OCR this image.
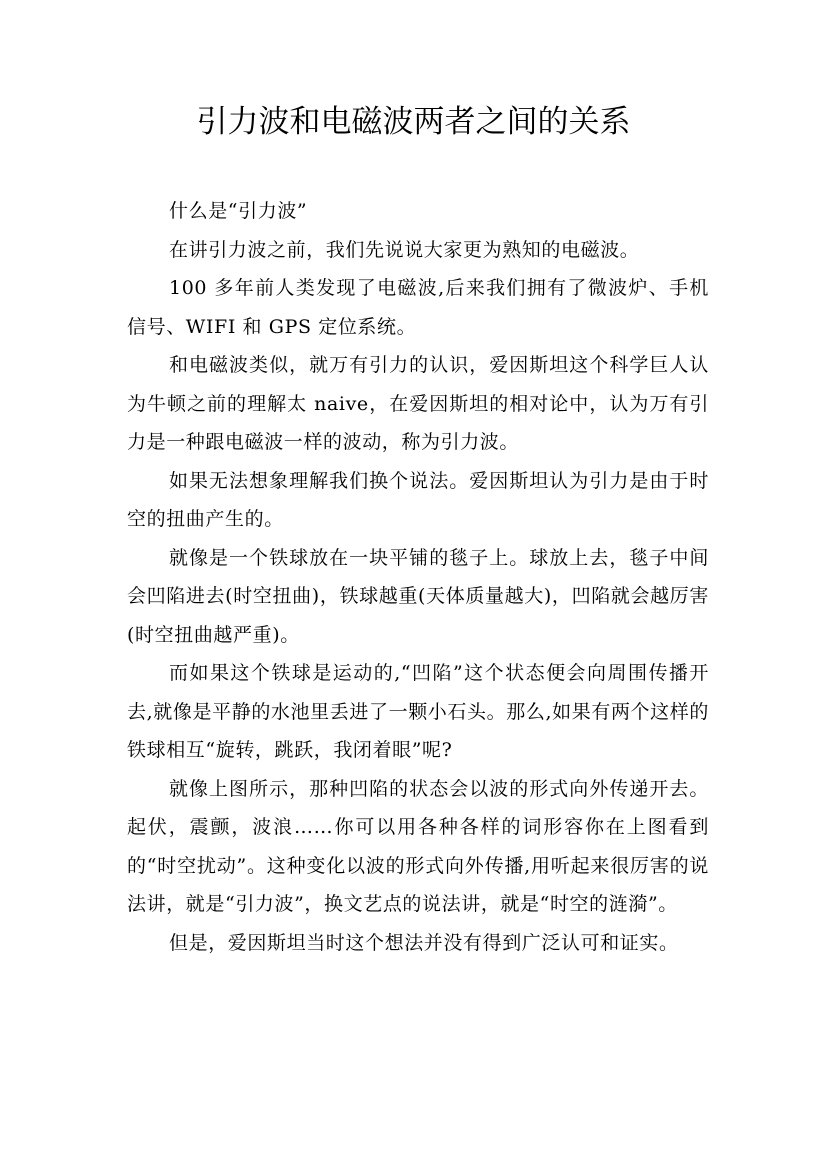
引力波和电磁波两者之间的关系

什么是“引力波”

在讲引力波之前，我们先说说大家更为熟知的电磁波。

100 多年前人类发现了电磁波,后来我们拥有了微波炉、手机信号、WIFI 和 GPS 定位系统。

和电磁波类似，就万有引力的认识，爱因斯坦这个科学巨人认为牛顿之前的理解太 naive，在爱因斯坦的相对论中，认为万有引力是一种跟电磁波一样的波动，称为引力波。

如果无法想象理解我们换个说法。爱因斯坦认为引力是由于时空的扭曲产生的。

就像是一个铁球放在一块平铺的毯子上。球放上去，毯子中间会凹陷进去(时空扭曲)，铁球越重(天体质量越大)，凹陷就会越厉害(时空扭曲越严重)。

而如果这个铁球是运动的,“凹陷”这个状态便会向周围传播开去,就像是平静的水池里丢进了一颗小石头。那么,如果有两个这样的铁球相互“旋转，跳跃，我闭着眼”呢?

就像上图所示，那种凹陷的状态会以波的形式向外传递开去。起伏，震颤，波浪……你可以用各种各样的词形容你在上图看到的“时空扰动”。这种变化以波的形式向外传播,用听起来很厉害的说法讲，就是“引力波”，换文艺点的说法讲，就是“时空的涟漪”。

但是，爱因斯坦当时这个想法并没有得到广泛认可和证实。
